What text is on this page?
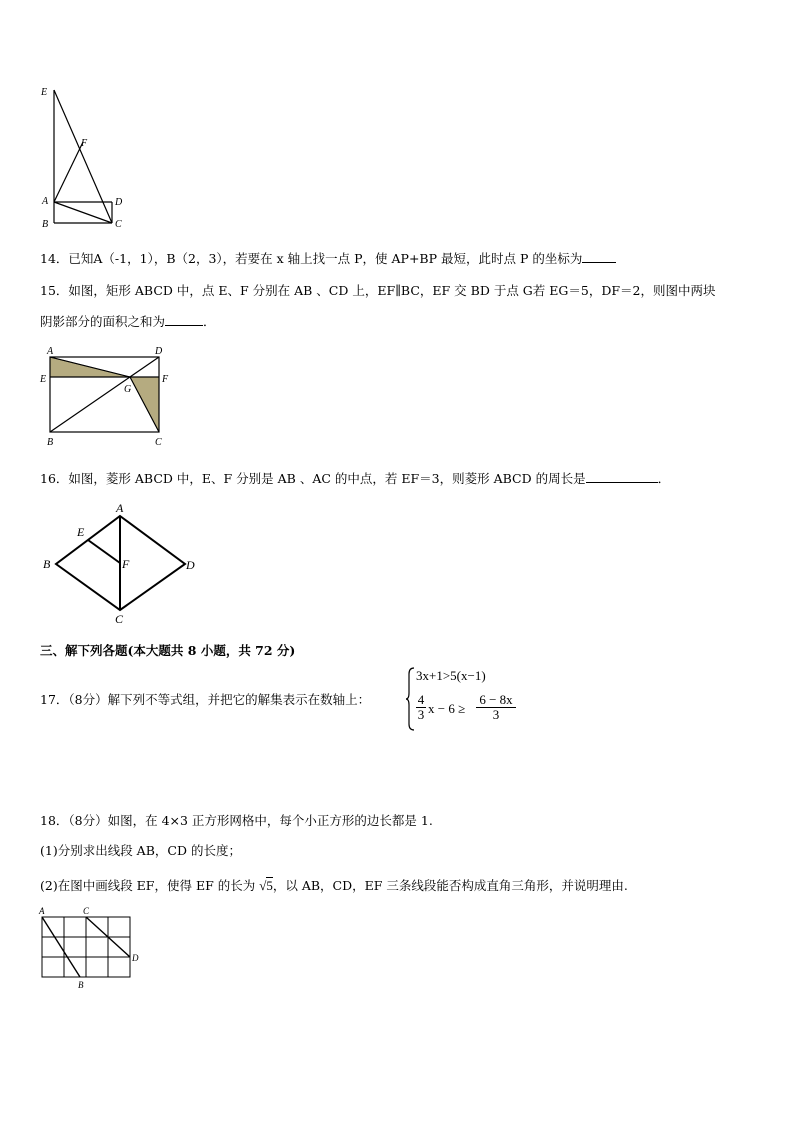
E
F
A	D
B	C
14．已知A（-1，1），B（2，3），若要在 x 轴上找一点 P，使 AP+BP 最短，此时点 P 的坐标为
15．如图，矩形 ABCD 中，点 E、F 分别在 AB 、CD 上，EF∥BC，EF 交 BD 于点 G若 EG＝5，DF＝2，则图中两块
阴影部分的面积之和为	．
A	D
E	F
G
B	C
16．如图，菱形 ABCD 中，E、F 分别是 AB 、AC 的中点，若 EF＝3，则菱形 ABCD 的周长是	．
A
E
B	F	D
C
三、解下列各题(本大题共 8 小题，共 72 分)
17．（8分）解下列不等式组，并把它的解集表示在数轴上：
3x+1>5(x−1)
$\frac{4}{3}$ $x - 6 \ge \frac{6 - 8x}{3}$
18．（8分）如图，在 4×3 正方形网格中，每个小正方形的边长都是 1.
(1)分别求出线段 AB，CD 的长度；
(2)在图中画线段 EF，使得 EF 的长为 √5，以 AB，CD，EF 三条线段能否构成直角三角形，并说明理由.
A	C
D
B
